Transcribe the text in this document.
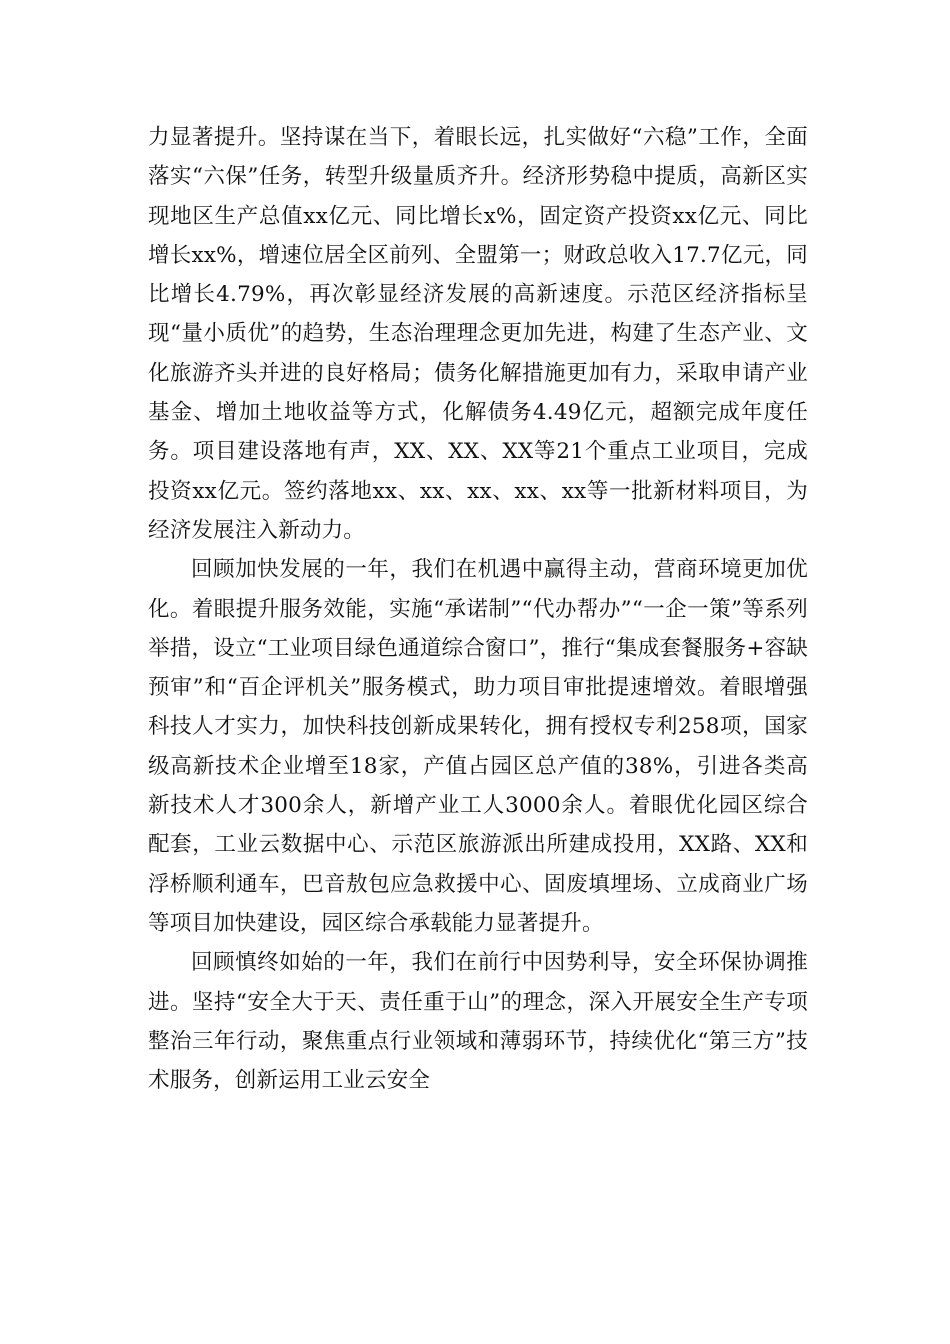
力显著提升。坚持谋在当下，着眼长远，扎实做好“六稳”工作，全面落实“六保”任务，转型升级量质齐升。经济形势稳中提质，高新区实现地区生产总值xx亿元、同比增长x%，固定资产投资xx亿元、同比增长xx%，增速位居全区前列、全盟第一；财政总收入17.7亿元，同比增长4.79%，再次彰显经济发展的高新速度。示范区经济指标呈现“量小质优”的趋势，生态治理理念更加先进，构建了生态产业、文化旅游齐头并进的良好格局；债务化解措施更加有力，采取申请产业基金、增加土地收益等方式，化解债务4.49亿元，超额完成年度任务。项目建设落地有声，XX、XX、XX等21个重点工业项目，完成投资xx亿元。签约落地xx、xx、xx、xx、xx等一批新材料项目，为经济发展注入新动力。

回顾加快发展的一年，我们在机遇中赢得主动，营商环境更加优化。着眼提升服务效能，实施“承诺制”“代办帮办”“一企一策”等系列举措，设立“工业项目绿色通道综合窗口”，推行“集成套餐服务+容缺预审”和“百企评机关”服务模式，助力项目审批提速增效。着眼增强科技人才实力，加快科技创新成果转化，拥有授权专利258项，国家级高新技术企业增至18家，产值占园区总产值的38%，引进各类高新技术人才300余人，新增产业工人3000余人。着眼优化园区综合配套，工业云数据中心、示范区旅游派出所建成投用，XX路、XX和浮桥顺利通车，巴音敖包应急救援中心、固废填埋场、立成商业广场等项目加快建设，园区综合承载能力显著提升。

回顾慎终如始的一年，我们在前行中因势利导，安全环保协调推进。坚持“安全大于天、责任重于山”的理念，深入开展安全生产专项整治三年行动，聚焦重点行业领域和薄弱环节，持续优化“第三方”技术服务，创新运用工业云安全
